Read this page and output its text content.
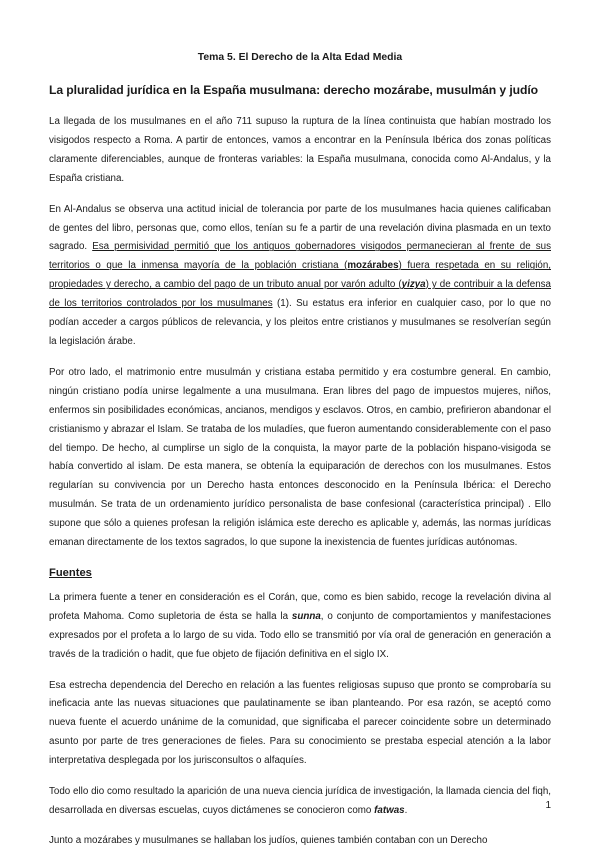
Tema 5. El Derecho de la Alta Edad Media
La pluralidad jurídica en la España musulmana: derecho mozárabe, musulmán y judío

La llegada de los musulmanes en el año 711 supuso la ruptura de la línea continuista que habían mostrado los visigodos respecto a Roma. A partir de entonces, vamos a encontrar en la Península Ibérica dos zonas políticas claramente diferenciables, aunque de fronteras variables: la España musulmana, conocida como Al-Andalus, y la España cristiana.

En Al-Andalus se observa una actitud inicial de tolerancia por parte de los musulmanes hacia quienes calificaban de gentes del libro, personas que, como ellos, tenían su fe a partir de una revelación divina plasmada en un texto sagrado. Esa permisividad permitió que los antiguos gobernadores visigodos permanecieran al frente de sus territorios o que la inmensa mayoría de la población cristiana (mozárabes) fuera respetada en su religión, propiedades y derecho, a cambio del pago de un tributo anual por varón adulto (yizya) y de contribuir a la defensa de los territorios controlados por los musulmanes (1). Su estatus era inferior en cualquier caso, por lo que no podían acceder a cargos públicos de relevancia, y los pleitos entre cristianos y musulmanes se resolverían según la legislación árabe.

Por otro lado, el matrimonio entre musulmán y cristiana estaba permitido y era costumbre general. En cambio, ningún cristiano podía unirse legalmente a una musulmana. Eran libres del pago de impuestos mujeres, niños, enfermos sin posibilidades económicas, ancianos, mendigos y esclavos. Otros, en cambio, prefirieron abandonar el cristianismo y abrazar el Islam. Se trataba de los muladíes, que fueron aumentando considerablemente con el paso del tiempo. De hecho, al cumplirse un siglo de la conquista, la mayor parte de la población hispano-visigoda se había convertido al islam. De esta manera, se obtenía la equiparación de derechos con los musulmanes. Estos regularían su convivencia por un Derecho hasta entonces desconocido en la Península Ibérica: el Derecho musulmán. Se trata de un ordenamiento jurídico personalista de base confesional (característica principal) . Ello supone que sólo a quienes profesan la religión islámica este derecho es aplicable y, además, las normas jurídicas emanan directamente de los textos sagrados, lo que supone la inexistencia de fuentes jurídicas autónomas.

Fuentes

La primera fuente a tener en consideración es el Corán, que, como es bien sabido, recoge la revelación divina al profeta Mahoma. Como supletoria de ésta se halla la sunna, o conjunto de comportamientos y manifestaciones expresados por el profeta a lo largo de su vida. Todo ello se transmitió por vía oral de generación en generación a través de la tradición o hadit, que fue objeto de fijación definitiva en el siglo IX.

Esa estrecha dependencia del Derecho en relación a las fuentes religiosas supuso que pronto se comprobaría su ineficacia ante las nuevas situaciones que paulatinamente se iban planteando. Por esa razón, se aceptó como nueva fuente el acuerdo unánime de la comunidad, que significaba el parecer coincidente sobre un determinado asunto por parte de tres generaciones de fieles. Para su conocimiento se prestaba especial atención a la labor interpretativa desplegada por los jurisconsultos o alfaquíes.

Todo ello dio como resultado la aparición de una nueva ciencia jurídica de investigación, la llamada ciencia del fiqh, desarrollada en diversas escuelas, cuyos dictámenes se conocieron como fatwas.

Junto a mozárabes y musulmanes se hallaban los judíos, quienes también contaban con un Derecho

1
